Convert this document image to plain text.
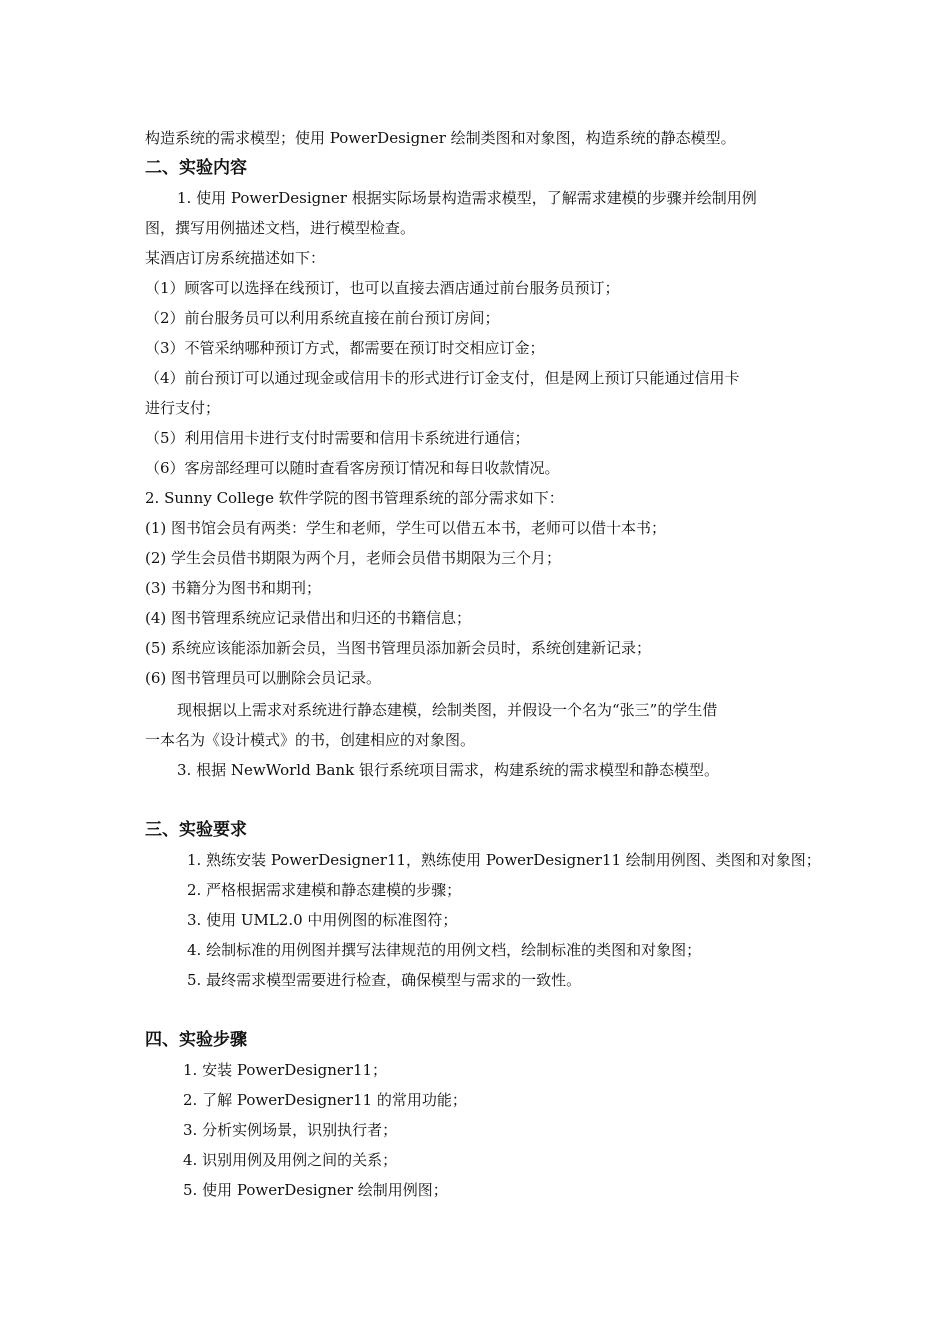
构造系统的需求模型；使用 PowerDesigner 绘制类图和对象图，构造系统的静态模型。
二、实验内容
1. 使用 PowerDesigner 根据实际场景构造需求模型，了解需求建模的步骤并绘制用例
图，撰写用例描述文档，进行模型检查。
某酒店订房系统描述如下：
（1）顾客可以选择在线预订，也可以直接去酒店通过前台服务员预订；
（2）前台服务员可以利用系统直接在前台预订房间；
（3）不管采纳哪种预订方式，都需要在预订时交相应订金；
（4）前台预订可以通过现金或信用卡的形式进行订金支付，但是网上预订只能通过信用卡
进行支付；
（5）利用信用卡进行支付时需要和信用卡系统进行通信；
（6）客房部经理可以随时查看客房预订情况和每日收款情况。
2. Sunny College 软件学院的图书管理系统的部分需求如下：
(1) 图书馆会员有两类：学生和老师，学生可以借五本书，老师可以借十本书；
(2) 学生会员借书期限为两个月，老师会员借书期限为三个月；
(3) 书籍分为图书和期刊；
(4) 图书管理系统应记录借出和归还的书籍信息；
(5) 系统应该能添加新会员，当图书管理员添加新会员时，系统创建新记录；
(6) 图书管理员可以删除会员记录。
现根据以上需求对系统进行静态建模，绘制类图，并假设一个名为“张三”的学生借
一本名为《设计模式》的书，创建相应的对象图。
3. 根据 NewWorld Bank 银行系统项目需求，构建系统的需求模型和静态模型。
三、实验要求
1. 熟练安装 PowerDesigner11，熟练使用 PowerDesigner11 绘制用例图、类图和对象图；
2. 严格根据需求建模和静态建模的步骤；
3. 使用 UML2.0 中用例图的标准图符；
4. 绘制标准的用例图并撰写法律规范的用例文档，绘制标准的类图和对象图；
5. 最终需求模型需要进行检查，确保模型与需求的一致性。
四、实验步骤
1. 安装 PowerDesigner11；
2. 了解 PowerDesigner11 的常用功能；
3. 分析实例场景，识别执行者；
4. 识别用例及用例之间的关系；
5. 使用 PowerDesigner 绘制用例图；
